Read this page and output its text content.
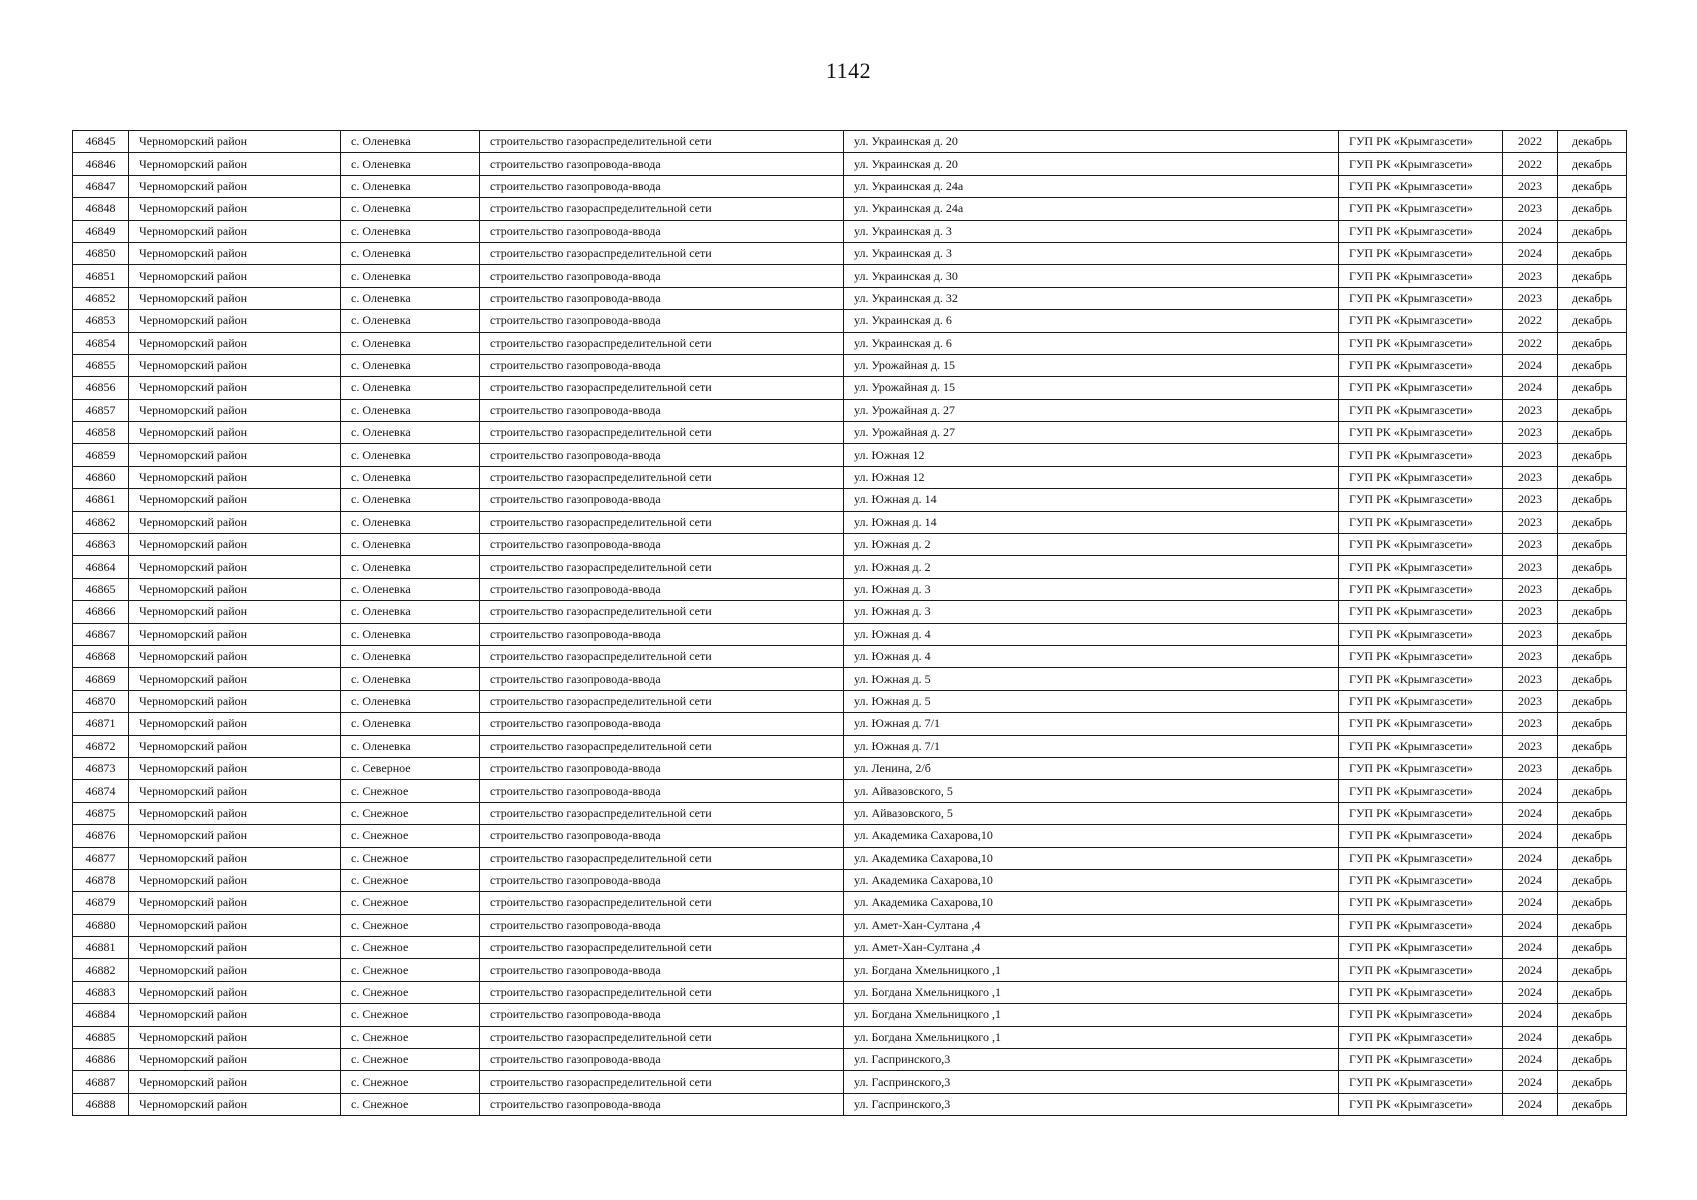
1142
46845	Черноморский район	с. Оленевка	строительство газораспределительной сети	ул. Украинская д. 20	ГУП РК «Крымгазсети»	2022	декабрь
46846	Черноморский район	с. Оленевка	строительство газопровода-ввода	ул. Украинская д. 20	ГУП РК «Крымгазсети»	2022	декабрь
46847	Черноморский район	с. Оленевка	строительство газопровода-ввода	ул. Украинская д. 24а	ГУП РК «Крымгазсети»	2023	декабрь
46848	Черноморский район	с. Оленевка	строительство газораспределительной сети	ул. Украинская д. 24а	ГУП РК «Крымгазсети»	2023	декабрь
46849	Черноморский район	с. Оленевка	строительство газопровода-ввода	ул. Украинская д. 3	ГУП РК «Крымгазсети»	2024	декабрь
46850	Черноморский район	с. Оленевка	строительство газораспределительной сети	ул. Украинская д. 3	ГУП РК «Крымгазсети»	2024	декабрь
46851	Черноморский район	с. Оленевка	строительство газопровода-ввода	ул. Украинская д. 30	ГУП РК «Крымгазсети»	2023	декабрь
46852	Черноморский район	с. Оленевка	строительство газопровода-ввода	ул. Украинская д. 32	ГУП РК «Крымгазсети»	2023	декабрь
46853	Черноморский район	с. Оленевка	строительство газопровода-ввода	ул. Украинская д. 6	ГУП РК «Крымгазсети»	2022	декабрь
46854	Черноморский район	с. Оленевка	строительство газораспределительной сети	ул. Украинская д. 6	ГУП РК «Крымгазсети»	2022	декабрь
46855	Черноморский район	с. Оленевка	строительство газопровода-ввода	ул. Урожайная д. 15	ГУП РК «Крымгазсети»	2024	декабрь
46856	Черноморский район	с. Оленевка	строительство газораспределительной сети	ул. Урожайная д. 15	ГУП РК «Крымгазсети»	2024	декабрь
46857	Черноморский район	с. Оленевка	строительство газопровода-ввода	ул. Урожайная д. 27	ГУП РК «Крымгазсети»	2023	декабрь
46858	Черноморский район	с. Оленевка	строительство газораспределительной сети	ул. Урожайная д. 27	ГУП РК «Крымгазсети»	2023	декабрь
46859	Черноморский район	с. Оленевка	строительство газопровода-ввода	ул. Южная 12	ГУП РК «Крымгазсети»	2023	декабрь
46860	Черноморский район	с. Оленевка	строительство газораспределительной сети	ул. Южная 12	ГУП РК «Крымгазсети»	2023	декабрь
46861	Черноморский район	с. Оленевка	строительство газопровода-ввода	ул. Южная д. 14	ГУП РК «Крымгазсети»	2023	декабрь
46862	Черноморский район	с. Оленевка	строительство газораспределительной сети	ул. Южная д. 14	ГУП РК «Крымгазсети»	2023	декабрь
46863	Черноморский район	с. Оленевка	строительство газопровода-ввода	ул. Южная д. 2	ГУП РК «Крымгазсети»	2023	декабрь
46864	Черноморский район	с. Оленевка	строительство газораспределительной сети	ул. Южная д. 2	ГУП РК «Крымгазсети»	2023	декабрь
46865	Черноморский район	с. Оленевка	строительство газопровода-ввода	ул. Южная д. 3	ГУП РК «Крымгазсети»	2023	декабрь
46866	Черноморский район	с. Оленевка	строительство газораспределительной сети	ул. Южная д. 3	ГУП РК «Крымгазсети»	2023	декабрь
46867	Черноморский район	с. Оленевка	строительство газопровода-ввода	ул. Южная д. 4	ГУП РК «Крымгазсети»	2023	декабрь
46868	Черноморский район	с. Оленевка	строительство газораспределительной сети	ул. Южная д. 4	ГУП РК «Крымгазсети»	2023	декабрь
46869	Черноморский район	с. Оленевка	строительство газопровода-ввода	ул. Южная д. 5	ГУП РК «Крымгазсети»	2023	декабрь
46870	Черноморский район	с. Оленевка	строительство газораспределительной сети	ул. Южная д. 5	ГУП РК «Крымгазсети»	2023	декабрь
46871	Черноморский район	с. Оленевка	строительство газопровода-ввода	ул. Южная д. 7/1	ГУП РК «Крымгазсети»	2023	декабрь
46872	Черноморский район	с. Оленевка	строительство газораспределительной сети	ул. Южная д. 7/1	ГУП РК «Крымгазсети»	2023	декабрь
46873	Черноморский район	с. Северное	строительство газопровода-ввода	ул. Ленина, 2/б	ГУП РК «Крымгазсети»	2023	декабрь
46874	Черноморский район	с. Снежное	строительство газопровода-ввода	ул. Айвазовского, 5	ГУП РК «Крымгазсети»	2024	декабрь
46875	Черноморский район	с. Снежное	строительство газораспределительной сети	ул. Айвазовского, 5	ГУП РК «Крымгазсети»	2024	декабрь
46876	Черноморский район	с. Снежное	строительство газопровода-ввода	ул. Академика Сахарова,10	ГУП РК «Крымгазсети»	2024	декабрь
46877	Черноморский район	с. Снежное	строительство газораспределительной сети	ул. Академика Сахарова,10	ГУП РК «Крымгазсети»	2024	декабрь
46878	Черноморский район	с. Снежное	строительство газопровода-ввода	ул. Академика Сахарова,10	ГУП РК «Крымгазсети»	2024	декабрь
46879	Черноморский район	с. Снежное	строительство газораспределительной сети	ул. Академика Сахарова,10	ГУП РК «Крымгазсети»	2024	декабрь
46880	Черноморский район	с. Снежное	строительство газопровода-ввода	ул. Амет-Хан-Султана ,4	ГУП РК «Крымгазсети»	2024	декабрь
46881	Черноморский район	с. Снежное	строительство газораспределительной сети	ул. Амет-Хан-Султана ,4	ГУП РК «Крымгазсети»	2024	декабрь
46882	Черноморский район	с. Снежное	строительство газопровода-ввода	ул. Богдана Хмельницкого ,1	ГУП РК «Крымгазсети»	2024	декабрь
46883	Черноморский район	с. Снежное	строительство газораспределительной сети	ул. Богдана Хмельницкого ,1	ГУП РК «Крымгазсети»	2024	декабрь
46884	Черноморский район	с. Снежное	строительство газопровода-ввода	ул. Богдана Хмельницкого ,1	ГУП РК «Крымгазсети»	2024	декабрь
46885	Черноморский район	с. Снежное	строительство газораспределительной сети	ул. Богдана Хмельницкого ,1	ГУП РК «Крымгазсети»	2024	декабрь
46886	Черноморский район	с. Снежное	строительство газопровода-ввода	ул. Гаспринского,3	ГУП РК «Крымгазсети»	2024	декабрь
46887	Черноморский район	с. Снежное	строительство газораспределительной сети	ул. Гаспринского,3	ГУП РК «Крымгазсети»	2024	декабрь
46888	Черноморский район	с. Снежное	строительство газопровода-ввода	ул. Гаспринского,3	ГУП РК «Крымгазсети»	2024	декабрь
